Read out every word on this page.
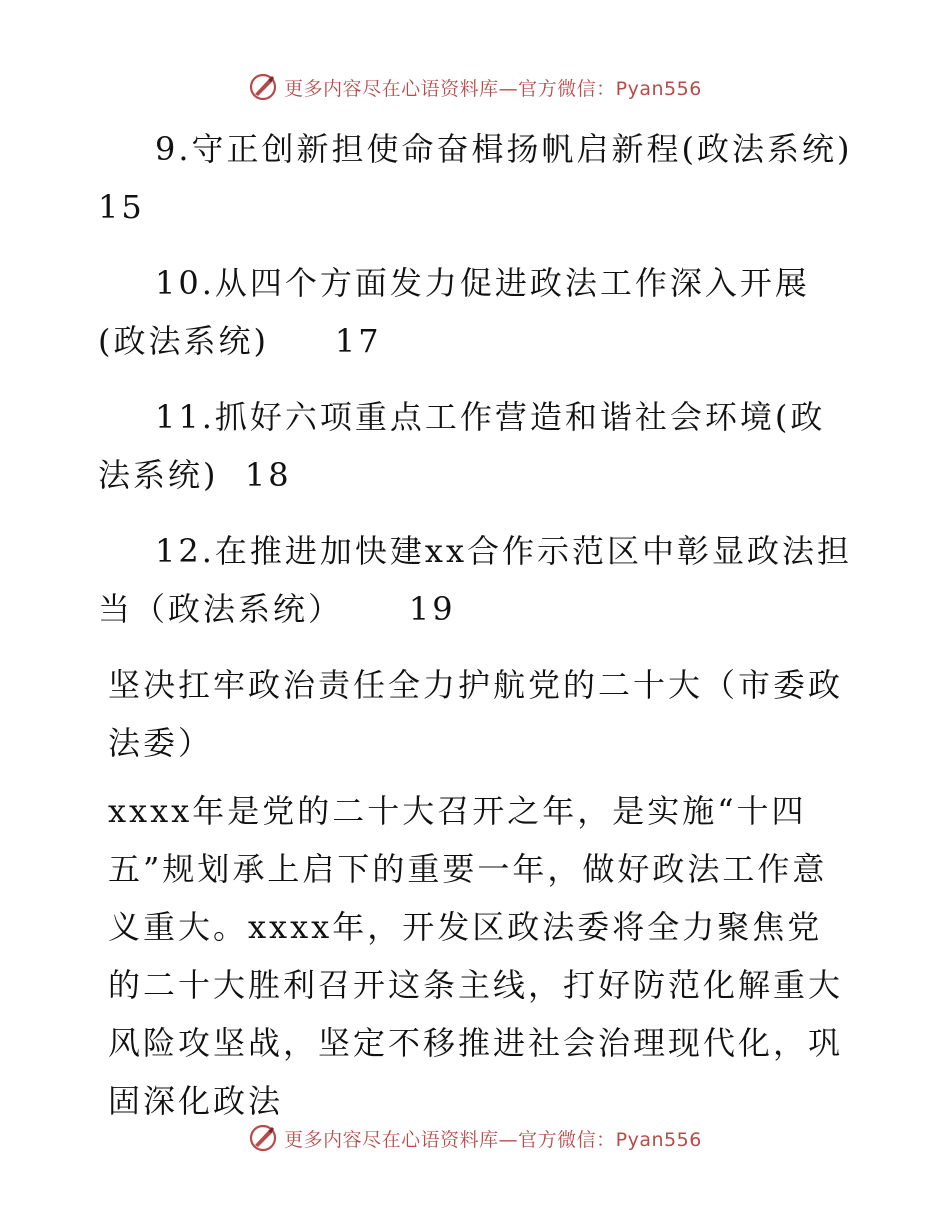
更多内容尽在心语资料库—官方微信：Pyan556

9.守正创新担使命奋楫扬帆启新程(政法系统)
15

10.从四个方面发力促进政法工作深入开展(政法系统) 17

11.抓好六项重点工作营造和谐社会环境(政法系统) 18

12.在推进加快建xx合作示范区中彰显政法担当（政法系统） 19

坚决扛牢政治责任全力护航党的二十大（市委政法委）

xxxx年是党的二十大召开之年，是实施“十四五”规划承上启下的重要一年，做好政法工作意义重大。xxxx年，开发区政法委将全力聚焦党的二十大胜利召开这条主线，打好防范化解重大风险攻坚战，坚定不移推进社会治理现代化，巩固深化政法

更多内容尽在心语资料库—官方微信：Pyan556
